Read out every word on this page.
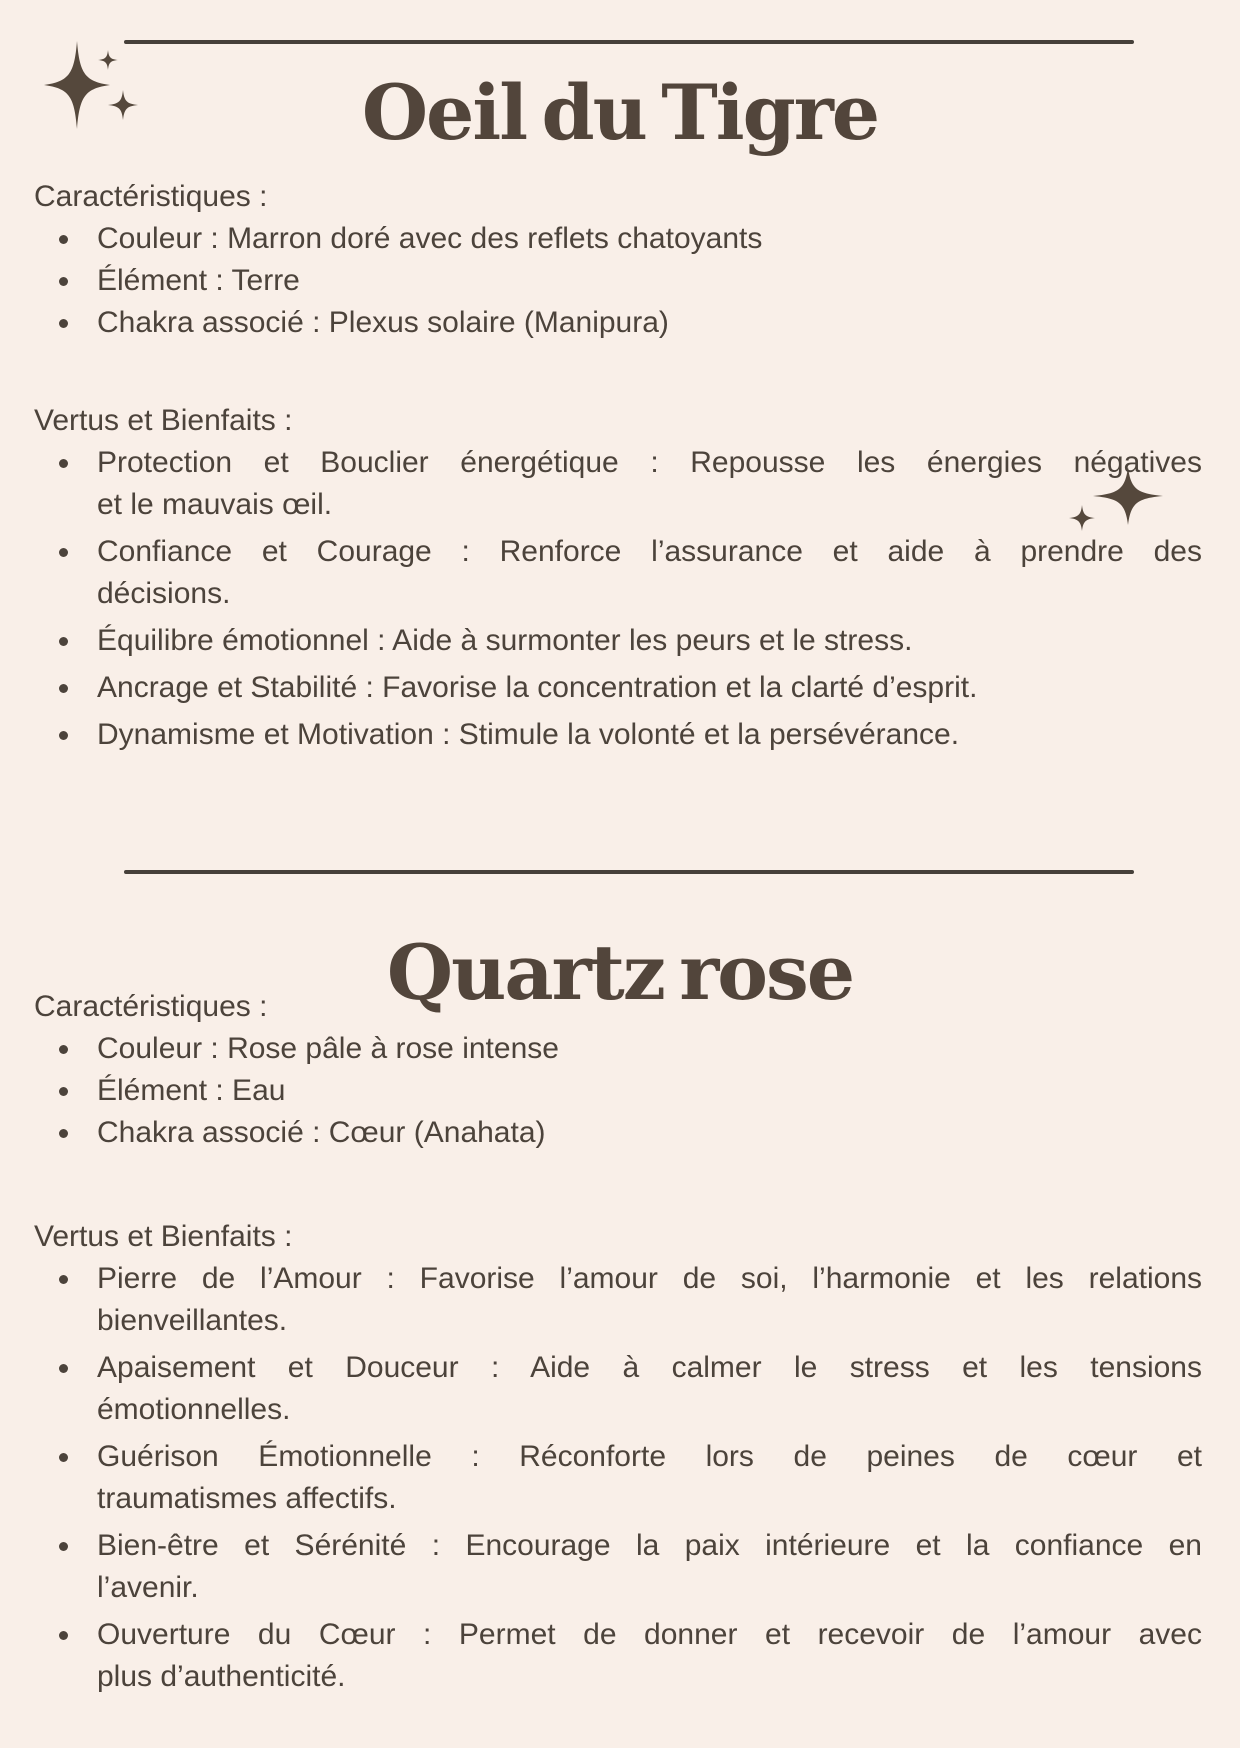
Oeil du Tigre

Caractéristiques :

Couleur : Marron doré avec des reflets chatoyants
Élément : Terre
Chakra associé : Plexus solaire (Manipura)

Vertus et Bienfaits :

Protection et Bouclier énergétique : Repousse les énergies négatives
et le mauvais œil.
Confiance et Courage : Renforce l’assurance et aide à prendre des
décisions.
Équilibre émotionnel : Aide à surmonter les peurs et le stress.
Ancrage et Stabilité : Favorise la concentration et la clarté d’esprit.
Dynamisme et Motivation : Stimule la volonté et la persévérance.
Quartz rose

Caractéristiques :

Couleur : Rose pâle à rose intense
Élément : Eau
Chakra associé : Cœur (Anahata)

Vertus et Bienfaits :

Pierre de l’Amour : Favorise l’amour de soi, l’harmonie et les relations
bienveillantes.
Apaisement et Douceur : Aide à calmer le stress et les tensions
émotionnelles.
Guérison Émotionnelle : Réconforte lors de peines de cœur et
traumatismes affectifs.
Bien-être et Sérénité : Encourage la paix intérieure et la confiance en
l’avenir.
Ouverture du Cœur : Permet de donner et recevoir de l’amour avec
plus d’authenticité.
